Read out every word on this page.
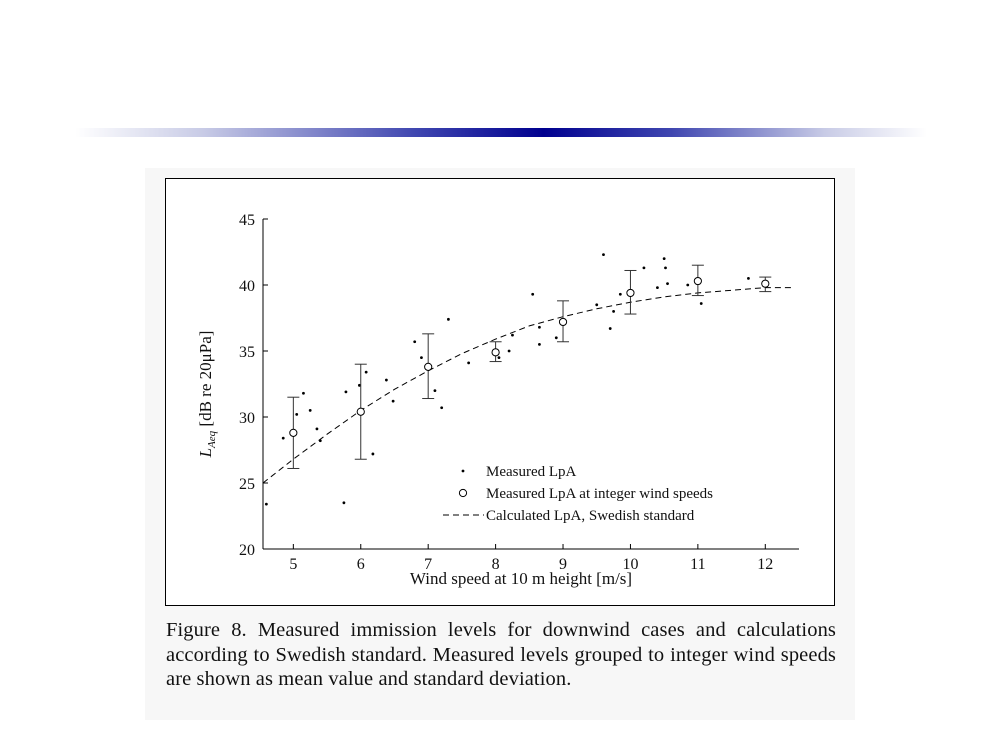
5	6	7	8	9	10	11	12
20
25
30
35
40
45
Wind speed at 10 m height [m/s]
$L_{Aeq}$ [dB re 20μPa]
Measured LpA
Measured LpA at integer wind speeds
Calculated LpA, Swedish standard
Figure 8. Measured immission levels for downwind cases and calculations according to Swedish standard. Measured levels grouped to integer wind speeds are shown as mean value and standard deviation.
